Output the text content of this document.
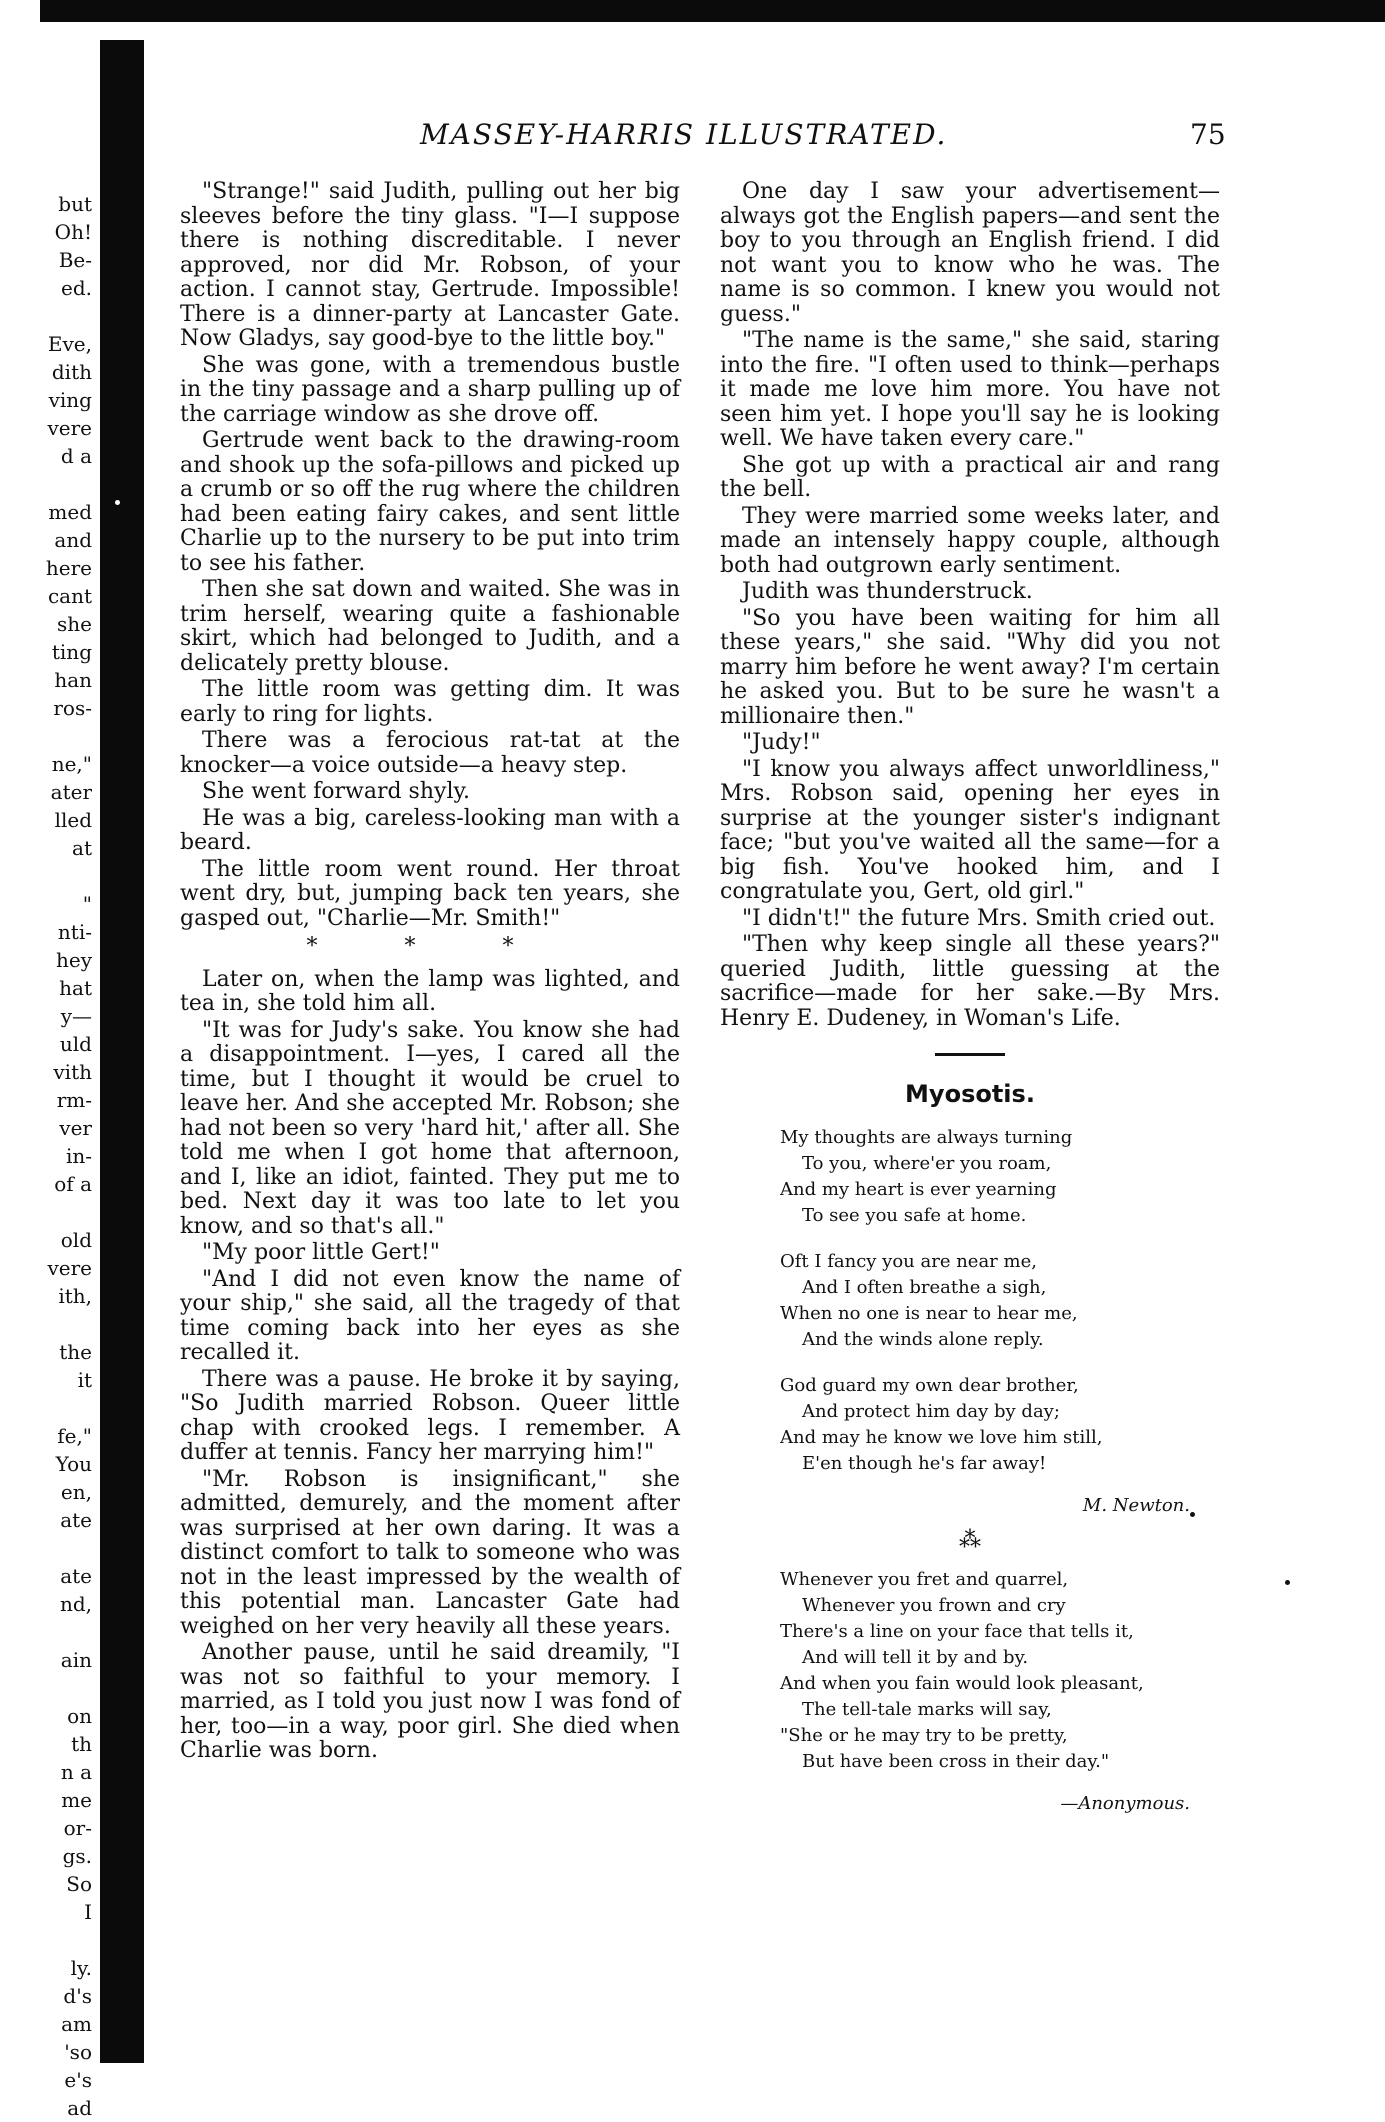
but
Oh!
Be-
ed.

Eve,
dith
ving
vere
d a

med
and
here
cant
she
ting
han
ros-

ne,"
ater
lled
at

"
nti-
hey
hat
y—
uld
vith
rm-
ver
in-
of a

old
vere
ith,

the
it

fe,"
You
en,
ate

ate
nd,

ain

on
th
n a
me
or-
gs.
So
I

ly.
d's
am
'so
e's
ad
MASSEY-HARRIS ILLUSTRATED.	75

"Strange!" said Judith, pulling out her big sleeves before the tiny glass. "I—I suppose there is nothing discreditable. I never approved, nor did Mr. Robson, of your action. I cannot stay, Gertrude. Impossible! There is a dinner-party at Lancaster Gate. Now Gladys, say good-bye to the little boy."

She was gone, with a tremendous bustle in the tiny passage and a sharp pulling up of the carriage window as she drove off.

Gertrude went back to the drawing-room and shook up the sofa-pillows and picked up a crumb or so off the rug where the children had been eating fairy cakes, and sent little Charlie up to the nursery to be put into trim to see his father.

Then she sat down and waited. She was in trim herself, wearing quite a fashionable skirt, which had belonged to Judith, and a delicately pretty blouse.

The little room was getting dim. It was early to ring for lights.

There was a ferocious rat-tat at the knocker—a voice outside—a heavy step.

She went forward shyly.

He was a big, careless-looking man with a beard.

The little room went round. Her throat went dry, but, jumping back ten years, she gasped out, "Charlie—Mr. Smith!"

* * *

Later on, when the lamp was lighted, and tea in, she told him all.

"It was for Judy's sake. You know she had a disappointment. I—yes, I cared all the time, but I thought it would be cruel to leave her. And she accepted Mr. Robson; she had not been so very 'hard hit,' after all. She told me when I got home that afternoon, and I, like an idiot, fainted. They put me to bed. Next day it was too late to let you know, and so that's all."

"My poor little Gert!"

"And I did not even know the name of your ship," she said, all the tragedy of that time coming back into her eyes as she recalled it.

There was a pause. He broke it by saying, "So Judith married Robson. Queer little chap with crooked legs. I remember. A duffer at tennis. Fancy her marrying him!"

"Mr. Robson is insignificant," she admitted, demurely, and the moment after was surprised at her own daring. It was a distinct comfort to talk to someone who was not in the least impressed by the wealth of this potential man. Lancaster Gate had weighed on her very heavily all these years.

Another pause, until he said dreamily, "I was not so faithful to your memory. I married, as I told you just now I was fond of her, too—in a way, poor girl. She died when Charlie was born.

One day I saw your advertisement—always got the English papers—and sent the boy to you through an English friend. I did not want you to know who he was. The name is so common. I knew you would not guess."

"The name is the same," she said, staring into the fire. "I often used to think—perhaps it made me love him more. You have not seen him yet. I hope you'll say he is looking well. We have taken every care."

She got up with a practical air and rang the bell.

They were married some weeks later, and made an intensely happy couple, although both had outgrown early sentiment.

Judith was thunderstruck.

"So you have been waiting for him all these years," she said. "Why did you not marry him before he went away? I'm certain he asked you. But to be sure he wasn't a millionaire then."

"Judy!"

"I know you always affect unworldliness," Mrs. Robson said, opening her eyes in surprise at the younger sister's indignant face; "but you've waited all the same—for a big fish. You've hooked him, and I congratulate you, Gert, old girl."

"I didn't!" the future Mrs. Smith cried out.

"Then why keep single all these years?" queried Judith, little guessing at the sacrifice—made for her sake.—By Mrs. Henry E. Dudeney, in Woman's Life.

Myosotis.
My thoughts are always turning
To you, where'er you roam,
And my heart is ever yearning
To see you safe at home.
Oft I fancy you are near me,
And I often breathe a sigh,
When no one is near to hear me,
And the winds alone reply.
God guard my own dear brother,
And protect him day by day;
And may he know we love him still,
E'en though he's far away!
M. Newton.
⁂
Whenever you fret and quarrel,
Whenever you frown and cry
There's a line on your face that tells it,
And will tell it by and by.
And when you fain would look pleasant,
The tell-tale marks will say,
"She or he may try to be pretty,
But have been cross in their day."
—Anonymous.
